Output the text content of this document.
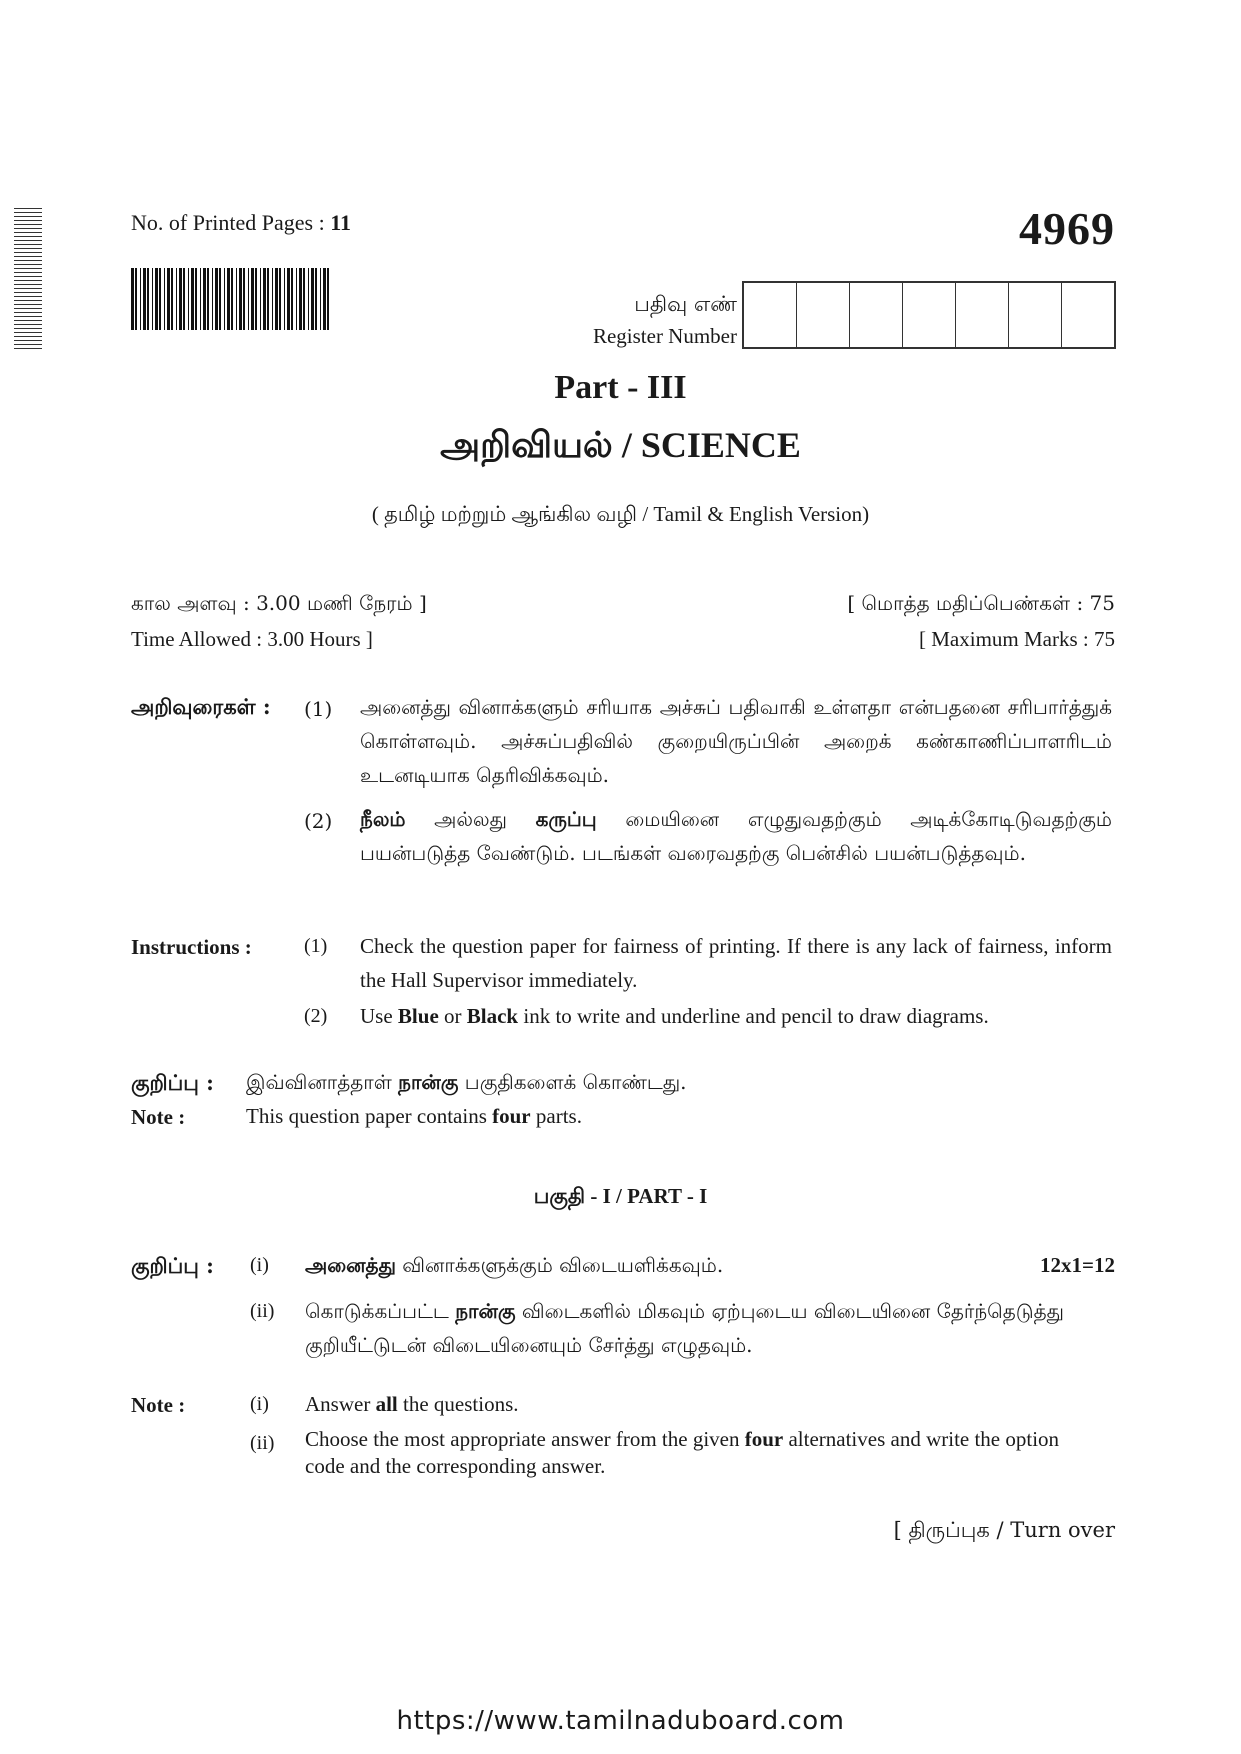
No. of Printed Pages : 11	4969
பதிவு எண்
Register Number
Part - III
அறிவியல் / SCIENCE
( தமிழ் மற்றும் ஆங்கில வழி / Tamil & English Version)
கால அளவு : 3.00 மணி நேரம் ]
Time Allowed : 3.00 Hours ]
[ மொத்த மதிப்பெண்கள் : 75
[ Maximum Marks : 75
அறிவுரைகள் : (1) அனைத்து வினாக்களும் சரியாக அச்சுப் பதிவாகி உள்ளதா என்பதனை சரிபார்த்துக் கொள்ளவும். அச்சுப்பதிவில் குறையிருப்பின் அறைக் கண்காணிப்பாளரிடம் உடனடியாக தெரிவிக்கவும்.
(2) நீலம் அல்லது கருப்பு மையினை எழுதுவதற்கும் அடிக்கோடிடுவதற்கும் பயன்படுத்த வேண்டும். படங்கள் வரைவதற்கு பென்சில் பயன்படுத்தவும்.
Instructions :	(1) Check the question paper for fairness of printing. If there is any lack of fairness, inform the Hall Supervisor immediately.
(2) Use Blue or Black ink to write and underline and pencil to draw diagrams.
குறிப்பு : இவ்வினாத்தாள் நான்கு பகுதிகளைக் கொண்டது.
Note :	This question paper contains four parts.
பகுதி - I / PART - I
12x1=12
குறிப்பு : (i) அனைத்து வினாக்களுக்கும் விடையளிக்கவும்.
(ii) கொடுக்கப்பட்ட நான்கு விடைகளில் மிகவும் ஏற்புடைய விடையினை தேர்ந்தெடுத்து குறியீட்டுடன் விடையினையும் சேர்த்து எழுதவும்.
Note :	(i) Answer all the questions.
(ii) Choose the most appropriate answer from the given four alternatives and write the option code and the corresponding answer.
[ திருப்புக / Turn over
https://www.tamilnaduboard.com
